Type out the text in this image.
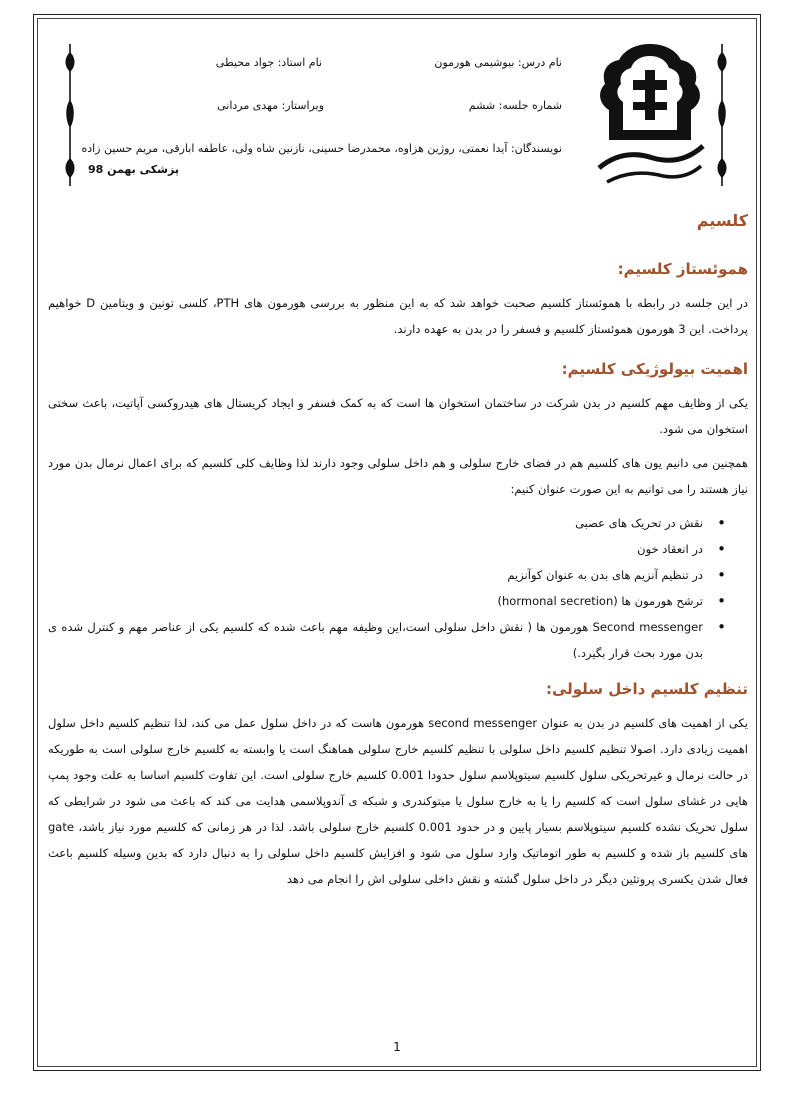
نام درس: بیوشیمی هورمون
نام استاد: جواد محیطی
شماره جلسه: ششم
ویراستار: مهدی مردانی
نویسندگان: آیدا نعمتی، روژین هزاوه، محمدرضا حسینی، نازنین شاه ولی، عاطفه ابارقی، مریم حسین زاده
پزشکی بهمن 98
کلسیم
هموئستاز کلسیم:

در این جلسه در رابطه با هموئستاز کلسیم صحبت خواهد شد که به این منظور به بررسی هورمون های PTH، کلسی تونین و ویتامین D خواهیم پرداخت. این 3 هورمون هموئستاز کلسیم و فسفر را در بدن به عهده دارند.

اهمیت بیولوژیکی کلسیم:

یکی از وظایف مهم کلسیم در بدن شرکت در ساختمان استخوان ها است که به کمک فسفر و ایجاد کریستال های هیدروکسی آپاتیت، باعث سختی استخوان می شود.

همچنین می دانیم یون های کلسیم هم در فضای خارج سلولی و هم داخل سلولی وجود دارند لذا وظایف کلی کلسیم که برای اعمال نرمال بدن مورد نیاز هستند را می توانیم به این صورت عنوان کنیم:

• نقش در تحریک های عصبی
• در انعقاد خون
• در تنظیم آنزیم های بدن به عنوان کوآنزیم
• ترشح هورمون ها (hormonal secretion)
• Second messenger هورمون ها ( نقش داخل سلولی است،این وظیفه مهم باعث شده که کلسیم یکی از عناصر مهم و کنترل شده ی بدن مورد بحث قرار بگیرد.)
تنظیم کلسیم داخل سلولی:

یکی از اهمیت های کلسیم در بدن به عنوان second messenger هورمون هاست که در داخل سلول عمل می کند، لذا تنظیم کلسیم داخل سلول اهمیت زیادی دارد. اصولا تنظیم کلسیم داخل سلولی با تنظیم کلسیم خارج سلولی هماهنگ است یا وابسته به کلسیم خارج سلولی است به طوریکه در حالت نرمال و غیرتحریکی سلول کلسیم سیتوپلاسم سلول حدودا 0.001 کلسیم خارج سلولی است. این تفاوت کلسیم اساسا به علت وجود پمپ هایی در غشای سلول است که کلسیم را یا به خارج سلول یا میتوکندری و شبکه ی آندوپلاسمی هدایت می کند که باعث می شود در شرایطی که سلول تحریک نشده کلسیم سیتوپلاسم بسیار پایین و در حدود 0.001 کلسیم خارج سلولی باشد. لذا در هر زمانی که کلسیم مورد نیاز باشد، gate های کلسیم باز شده و کلسیم به طور اتوماتیک وارد سلول می شود و افزایش کلسیم داخل سلولی را به دنبال دارد که بدین وسیله کلسیم باعث فعال شدن یکسری پروتئین دیگر در داخل سلول گشته و نقش داخلی سلولی اش را انجام می دهد

1
